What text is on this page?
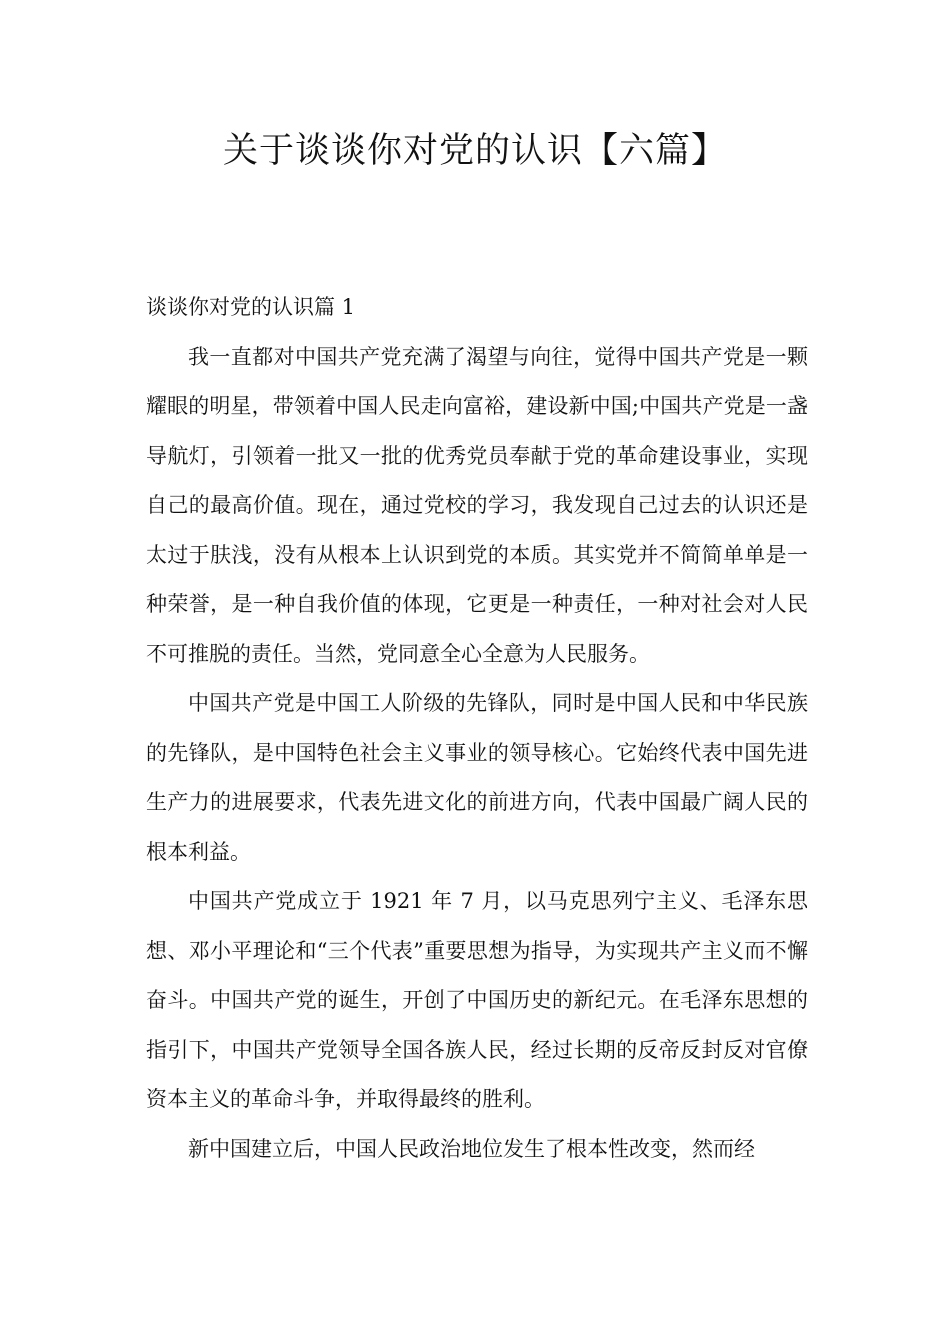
关于谈谈你对党的认识【六篇】
谈谈你对党的认识篇 1

我一直都对中国共产党充满了渴望与向往，觉得中国共产党是一颗耀眼的明星，带领着中国人民走向富裕，建设新中国;中国共产党是一盏导航灯，引领着一批又一批的优秀党员奉献于党的革命建设事业，实现自己的最高价值。现在，通过党校的学习，我发现自己过去的认识还是太过于肤浅，没有从根本上认识到党的本质。其实党并不简简单单是一种荣誉，是一种自我价值的体现，它更是一种责任，一种对社会对人民不可推脱的责任。当然，党同意全心全意为人民服务。

中国共产党是中国工人阶级的先锋队，同时是中国人民和中华民族的先锋队，是中国特色社会主义事业的领导核心。它始终代表中国先进生产力的进展要求，代表先进文化的前进方向，代表中国最广阔人民的根本利益。

中国共产党成立于 1921 年 7 月，以马克思列宁主义、毛泽东思想、邓小平理论和“三个代表”重要思想为指导，为实现共产主义而不懈奋斗。中国共产党的诞生，开创了中国历史的新纪元。在毛泽东思想的指引下，中国共产党领导全国各族人民，经过长期的反帝反封反对官僚资本主义的革命斗争，并取得最终的胜利。

新中国建立后，中国人民政治地位发生了根本性改变，然而经
